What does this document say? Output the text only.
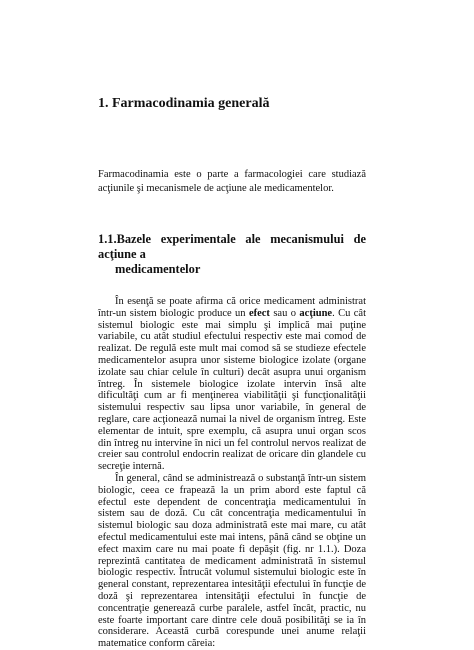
1. Farmacodinamia generală

Farmacodinamia este o parte a farmacologiei care studiază acţiunile şi mecanismele de acţiune ale medicamentelor.

1.1.Bazele experimentale ale mecanismului de acţiune a
medicamentelor

În esenţă se poate afirma că orice medicament administrat într-un sistem biologic produce un efect sau o acţiune. Cu cât sistemul biologic este mai simplu şi implică mai puţine variabile, cu atât studiul efectului respectiv este mai comod de realizat. De regulă este mult mai comod să se studieze efectele medicamentelor asupra unor sisteme biologice izolate (organe izolate sau chiar celule în culturi) decât asupra unui organism întreg. În sistemele biologice izolate intervin însă alte dificultăţi cum ar fi menţinerea viabilităţii şi funcţionalităţii sistemului respectiv sau lipsa unor variabile, în general de reglare, care acţionează numai la nivel de organism întreg. Este elementar de intuit, spre exemplu, că asupra unui organ scos din întreg nu intervine în nici un fel controlul nervos realizat de creier sau controlul endocrin realizat de oricare din glandele cu secreţie internă.

În general, când se administrează o substanţă într-un sistem biologic, ceea ce frapează la un prim abord este faptul că efectul este dependent de concentraţia medicamentului în sistem sau de doză. Cu cât concentraţia medicamentului în sistemul biologic sau doza administrată este mai mare, cu atât efectul medicamentului este mai intens, până când se obţine un efect maxim care nu mai poate fi depăşit (fig. nr 1.1.). Doza reprezintă cantitatea de medicament administrată în sistemul biologic respectiv. Întrucât volumul sistemului biologic este în general constant, reprezentarea intesităţii efectului în funcţie de doză şi reprezentarea intensităţii efectului în funcţie de concentraţie generează curbe paralele, astfel încât, practic, nu este foarte important care dintre cele două posibilităţi se ia în considerare. Această curbă corespunde unei anume relaţii matematice conform căreia:
